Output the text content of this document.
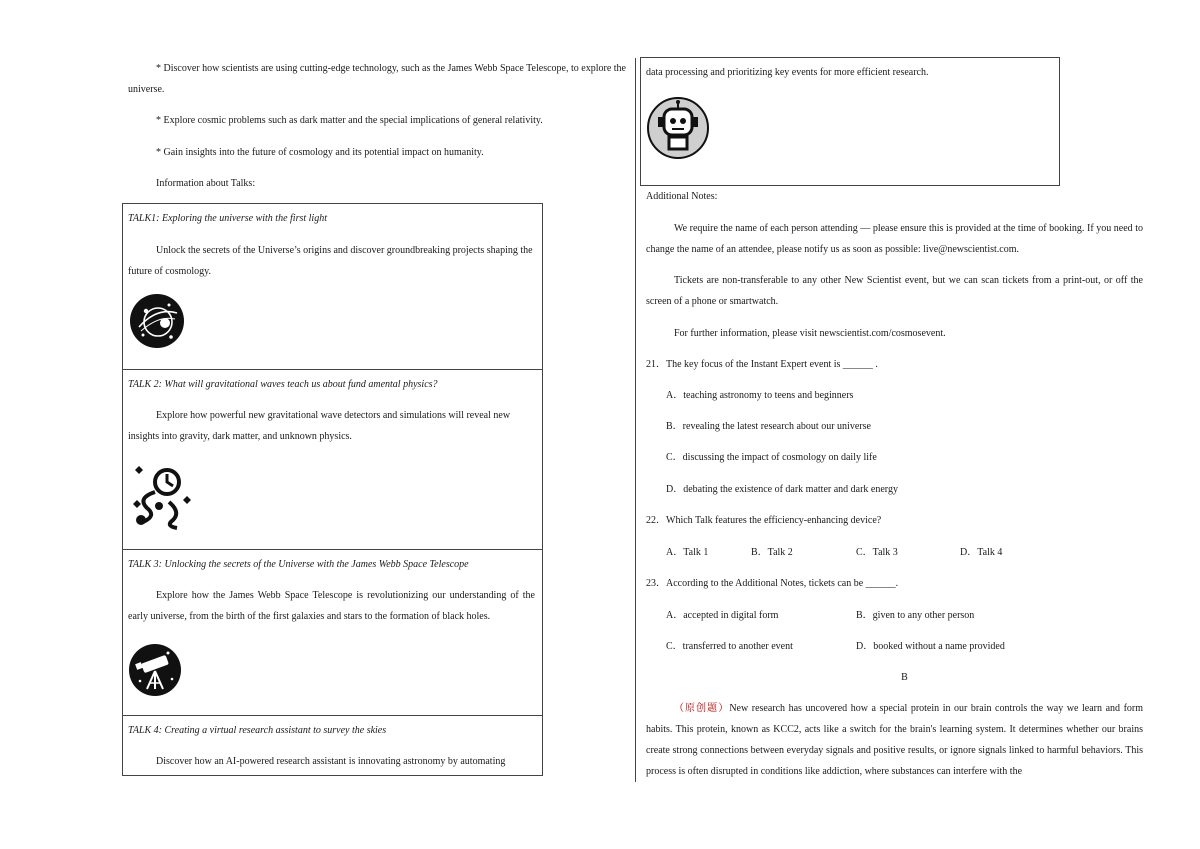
* Discover how scientists are using cutting-edge technology, such as the James Webb Space Telescope, to explore the universe.
* Explore cosmic problems such as dark matter and the special implications of general relativity.
* Gain insights into the future of cosmology and its potential impact on humanity.
Information about Talks:
TALK1: Exploring the universe with the first light
Unlock the secrets of the Universe’s origins and discover groundbreaking projects shaping the future of cosmology.
TALK 2: What will gravitational waves teach us about fund amental physics?
Explore how powerful new gravitational wave detectors and simulations will reveal new insights into gravity, dark matter, and unknown physics.
TALK 3: Unlocking the secrets of the Universe with the James Webb Space Telescope
Explore how the James Webb Space Telescope is revolutionizing our understanding of the early universe, from the birth of the first galaxies and stars to the formation of black holes.
TALK 4: Creating a virtual research assistant to survey the skies
Discover how an AI-powered research assistant is innovating astronomy by automating
data processing and prioritizing key events for more efficient research.
Additional Notes:
We require the name of each person attending — please ensure this is provided at the time of booking. If you need to change the name of an attendee, please notify us as soon as possible: live@newscientist.com.
Tickets are non-transferable to any other New Scientist event, but we can scan tickets from a print-out, or off the screen of a phone or smartwatch.
For further information, please visit newscientist.com/cosmosevent.
21．The key focus of the Instant Expert event is ______ .
A．teaching astronomy to teens and beginners
B．revealing the latest research about our universe
C．discussing the impact of cosmology on daily life
D．debating the existence of dark matter and dark energy
22．Which Talk features the efficiency-enhancing device?
A．Talk 1	B．Talk 2	C．Talk 3	D．Talk 4
23．According to the Additional Notes, tickets can be ______.
A．accepted in digital form	B．given to any other person
C．transferred to another event	D．booked without a name provided
B
（原创题）New research has uncovered how a special protein in our brain controls the way we learn and form habits. This protein, known as KCC2, acts like a switch for the brain's learning system. It determines whether our brains create strong connections between everyday signals and positive results, or ignore signals linked to harmful behaviors. This process is often disrupted in conditions like addiction, where substances can interfere with the
